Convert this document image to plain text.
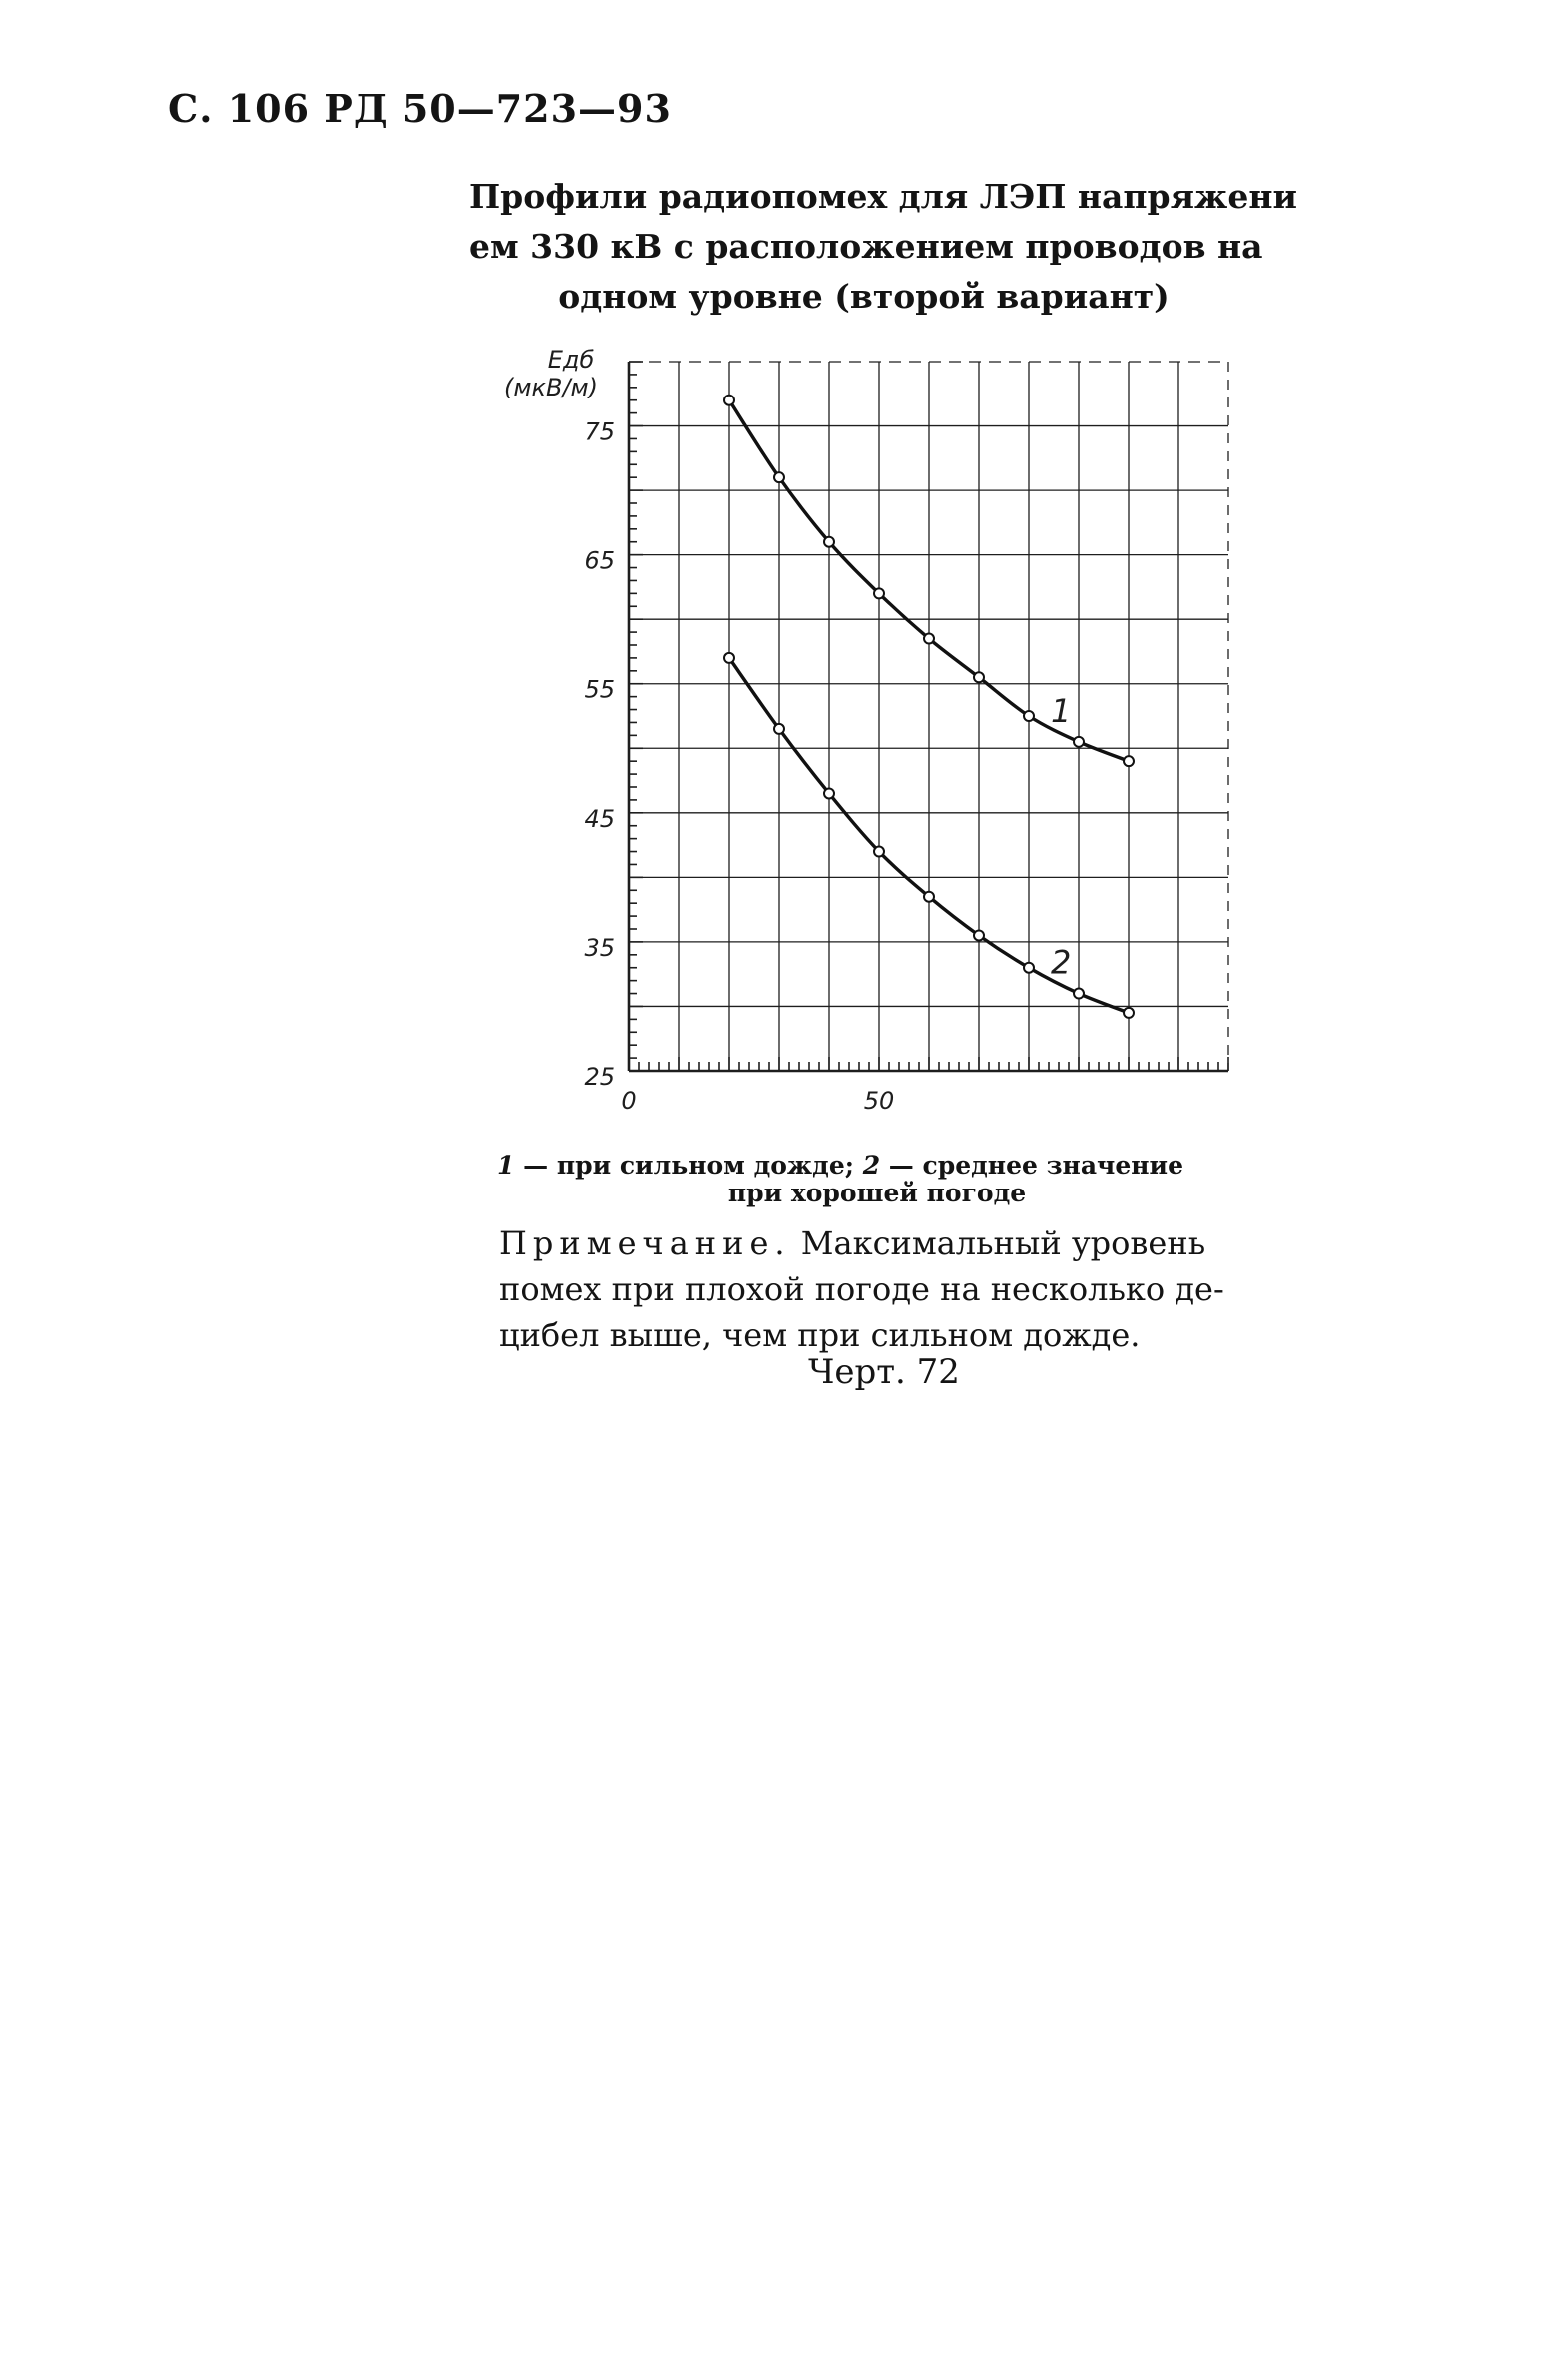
С. 106 РД 50—723—93
Профили радиопомех для ЛЭП напряжени
ем 330 кВ с расположением проводов на
одном уровне (второй вариант)
1
2
Eдб
(мкВ/м)
75
65
55
45
35
25
0	50
1 — при сильном дожде; 2 — среднее значение
при хорошей погоде
Примечание. Максимальный уровень
помех при плохой погоде на несколько де-
цибел выше, чем при сильном дожде.
Черт. 72
